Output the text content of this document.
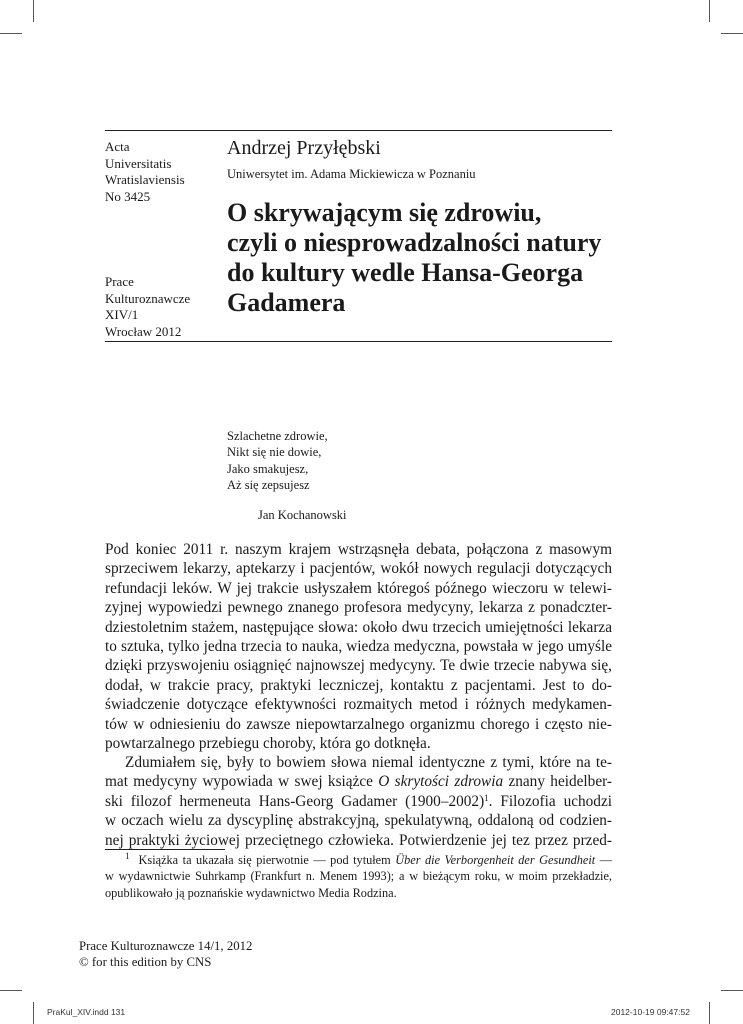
Acta
Universitatis
Wratislaviensis
No 3425
Prace
Kulturoznawcze
XIV/1
Wrocław 2012
Andrzej Przyłębski
Uniwersytet im. Adama Mickiewicza w Poznaniu
O skrywającym się zdrowiu,
czyli o niesprowadzalności natury
do kultury wedle Hansa-Georga
Gadamera
Szlachetne zdrowie,
Nikt się nie dowie,
Jako smakujesz,
Aż się zepsujesz
Jan Kochanowski
Pod koniec 2011 r. naszym krajem wstrząsnęła debata, połączona z masowym
sprzeciwem lekarzy, aptekarzy i pacjentów, wokół nowych regulacji dotyczących
refundacji leków. W jej trakcie usłyszałem któregoś późnego wieczoru w telewi-
zyjnej wypowiedzi pewnego znanego profesora medycyny, lekarza z ponadczter-
dziestoletnim stażem, następujące słowa: około dwu trzecich umiejętności lekarza
to sztuka, tylko jedna trzecia to nauka, wiedza medyczna, powstała w jego umyśle
dzięki przyswojeniu osiągnięć najnowszej medycyny. Te dwie trzecie nabywa się,
dodał, w trakcie pracy, praktyki leczniczej, kontaktu z pacjentami. Jest to do-
świadczenie dotyczące efektywności rozmaitych metod i różnych medykamen-
tów w odniesieniu do zawsze niepowtarzalnego organizmu chorego i często nie-
powtarzalnego przebiegu choroby, która go dotknęła.
Zdumiałem się, były to bowiem słowa niemal identyczne z tymi, które na te-
mat medycyny wypowiada w swej książce O skrytości zdrowia znany heidelber-
ski filozof hermeneuta Hans-Georg Gadamer (1900–2002)$^1$. Filozofia uchodzi
w oczach wielu za dyscyplinę abstrakcyjną, spekulatywną, oddaloną od codzien-
nej praktyki życiowej przeciętnego człowieka. Potwierdzenie jej tez przez przed-
$^1$ Książka ta ukazała się pierwotnie — pod tytułem Über die Verborgenheit der Gesundheit —
w wydawnictwie Suhrkamp (Frankfurt n. Menem 1993); a w bieżącym roku, w moim przekładzie,
opublikowało ją poznańskie wydawnictwo Media Rodzina.
Prace Kulturoznawcze 14/1, 2012
© for this edition by CNS
PraKul_XIV.indd 131	2012-10-19 09:47:52
